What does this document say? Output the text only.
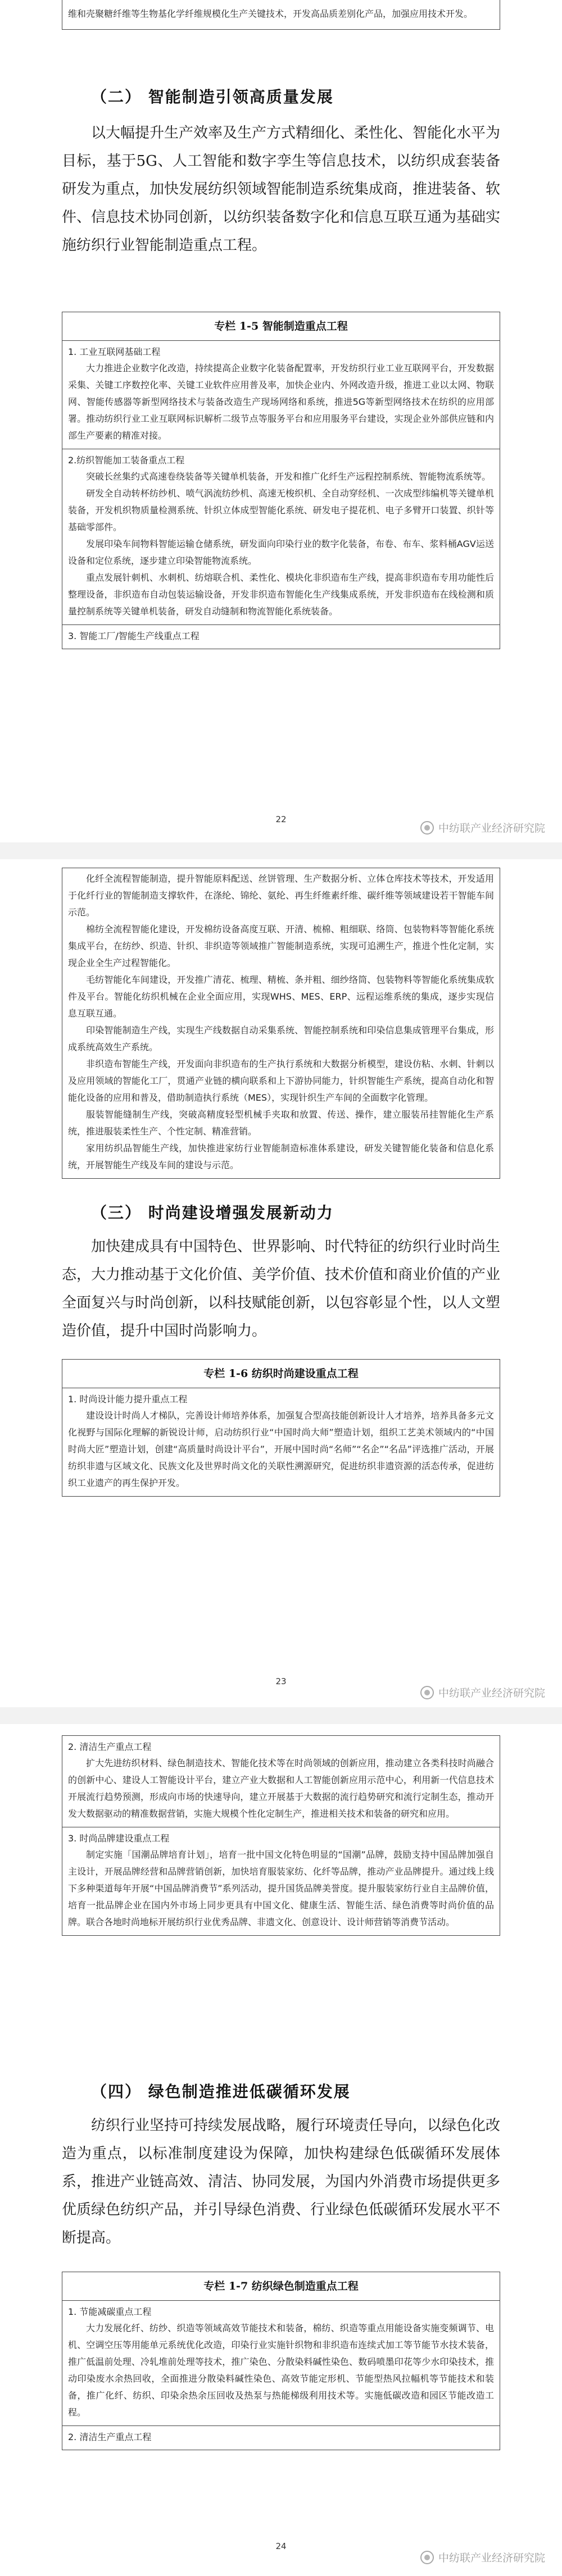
维和壳聚糖纤维等生物基化学纤维规模化生产关键技术，开发高品质差别化产品，加强应用技术开发。
（二） 智能制造引领高质量发展
以大幅提升生产效率及生产方式精细化、柔性化、智能化水平为目标，基于5G、人工智能和数字孪生等信息技术，以纺织成套装备研发为重点，加快发展纺织领域智能制造系统集成商，推进装备、软件、信息技术协同创新，以纺织装备数字化和信息互联互通为基础实施纺织行业智能制造重点工程。
专栏 1-5 智能制造重点工程
1. 工业互联网基础工程
大力推进企业数字化改造，持续提高企业数字化装备配置率，开发纺织行业工业互联网平台，开发数据采集、关键工序数控化率、关键工业软件应用普及率，加快企业内、外网改造升级，推进工业以太网、物联网、智能传感器等新型网络技术与装备改造生产现场网络和系统，推进5G等新型网络技术在纺织的应用部署。推动纺织行业工业互联网标识解析二级节点等服务平台和应用服务平台建设，实现企业外部供应链和内部生产要素的精准对接。
2.纺织智能加工装备重点工程
突破长丝集约式高速卷绕装备等关键单机装备，开发和推广化纤生产远程控制系统、智能物流系统等。
研发全自动转杯纺纱机、喷气涡流纺纱机、高速无梭织机、全自动穿经机、一次成型纬编机等关键单机装备，开发机织物质量检测系统、针织立体成型智能化系统、研发电子提花机、电子多臂开口装置、织针等基础零部件。
发展印染车间物料智能运输仓储系统，研发面向印染行业的数字化装备，布卷、布车、浆料桶AGV运送设备和定位系统，逐步建立印染智能物流系统。
重点发展针刺机、水刺机、纺熔联合机、柔性化、模块化非织造布生产线，提高非织造布专用功能性后整理设备，非织造布自动包装运输设备，开发非织造布智能化生产线集成系统，开发非织造布在线检测和质量控制系统等关键单机装备，研发自动缝制和物流智能化系统装备。
3. 智能工厂/智能生产线重点工程
22
中纺联产业经济研究院
化纤全流程智能制造，提升智能原料配送、丝饼管理、生产数据分析、立体仓库技术等技术，开发适用于化纤行业的智能制造支撑软件，在涤纶、锦纶、氨纶、再生纤维素纤维、碳纤维等领域建设若干智能车间示范。
棉纺全流程智能化建设，开发棉纺设备高度互联、开清、梳棉、粗细联、络筒、包装物料等智能化系统集成平台，在纺纱、织造、针织、非织造等领域推广智能制造系统，实现可追溯生产，推进个性化定制，实现企业全生产过程智能化。
毛纺智能化车间建设，开发推广清花、梳理、精梳、条并粗、细纱络筒、包装物料等智能化系统集成软件及平台。智能化纺织机械在企业全面应用，实现WHS、MES、ERP、远程运维系统的集成，逐步实现信息互联互通。
印染智能制造生产线，实现生产线数据自动采集系统、智能控制系统和印染信息集成管理平台集成，形成系统高效生产系统。
非织造布智能生产线，开发面向非织造布的生产执行系统和大数据分析模型，建设仿粘、水刺、针刺以及应用领域的智能化工厂，贯通产业链的横向联系和上下游协同能力，针织智能生产系统，提高自动化和智能化设备的应用和普及，借助制造执行系统（MES），实现针织生产车间的全面数字化管理。
服装智能缝制生产线，突破高精度轻型机械手夹取和放置、传送、操作，建立服装吊挂智能化生产系统，推进服装柔性生产、个性定制、精准营销。
家用纺织品智能生产线，加快推进家纺行业智能制造标准体系建设，研发关键智能化装备和信息化系统，开展智能生产线及车间的建设与示范。
（三） 时尚建设增强发展新动力
加快建成具有中国特色、世界影响、时代特征的纺织行业时尚生态，大力推动基于文化价值、美学价值、技术价值和商业价值的产业全面复兴与时尚创新，以科技赋能创新，以包容彰显个性，以人文塑造价值，提升中国时尚影响力。
专栏 1-6 纺织时尚建设重点工程
1. 时尚设计能力提升重点工程
建设设计时尚人才梯队，完善设计师培养体系，加强复合型高技能创新设计人才培养，培养具备多元文化视野与国际化理解的新锐设计师，启动纺织行业“中国时尚大师”塑造计划，组织工艺美术领域内的“中国时尚大匠”塑造计划，创建“高质量时尚设计平台”，开展中国时尚“名师”“名企”“名品”评选推广活动，开展纺织非遗与区域文化、民族文化及世界时尚文化的关联性溯源研究，促进纺织非遗资源的活态传承，促进纺织工业遗产的再生保护开发。
23
中纺联产业经济研究院
2. 清洁生产重点工程
扩大先进纺织材料、绿色制造技术、智能化技术等在时尚领域的创新应用，推动建立各类科技时尚融合的创新中心、建设人工智能设计平台，建立产业大数据和人工智能创新应用示范中心，利用新一代信息技术开展流行趋势预测，形成向市场的快速导向，建立开展基于大数据的流行趋势研究和流行定制生态，推动开发大数据驱动的精准数据营销，实施大规模个性化定制生产，推进相关技术和装备的研究和应用。
3. 时尚品牌建设重点工程
制定实施「国潮品牌培育计划」，培育一批中国文化特色明显的“国潮”品牌，鼓励支持中国品牌加强自主设计，开展品牌经营和品牌营销创新，加快培育服装家纺、化纤等品牌，推动产业品牌提升。通过线上线下多种渠道每年开展“中国品牌消费节”系列活动，提升国货品牌美誉度。提升服装家纺行业自主品牌价值，培育一批品牌企业在国内外市场上同步更具有中国文化、健康生活、智能生活、绿色消费等时尚价值的品牌。联合各地时尚地标开展纺织行业优秀品牌、非遗文化、创意设计、设计师营销等消费节活动。
（四） 绿色制造推进低碳循环发展
纺织行业坚持可持续发展战略，履行环境责任导向，以绿色化改造为重点，以标准制度建设为保障，加快构建绿色低碳循环发展体系，推进产业链高效、清洁、协同发展，为国内外消费市场提供更多优质绿色纺织产品，并引导绿色消费、行业绿色低碳循环发展水平不断提高。
专栏 1-7 纺织绿色制造重点工程
1. 节能减碳重点工程
大力发展化纤、纺纱、织造等领域高效节能技术和装备，棉纺、织造等重点用能设备实施变频调节、电机、空调空压等用能单元系统优化改造，印染行业实施针织物和非织造布连续式加工等节能节水技术装备，推广低温前处理、冷轧堆前处理等技术，推广染色、分散染料碱性染色、数码喷墨印花等少水印染技术，推动印染废水余热回收，全面推进分散染料碱性染色、高效节能定形机、节能型热风拉幅机等节能技术和装备，推广化纤、纺织、印染余热余压回收及热泵与热能梯级利用技术等。实施低碳改造和园区节能改造工程。
2. 清洁生产重点工程
24
中纺联产业经济研究院
